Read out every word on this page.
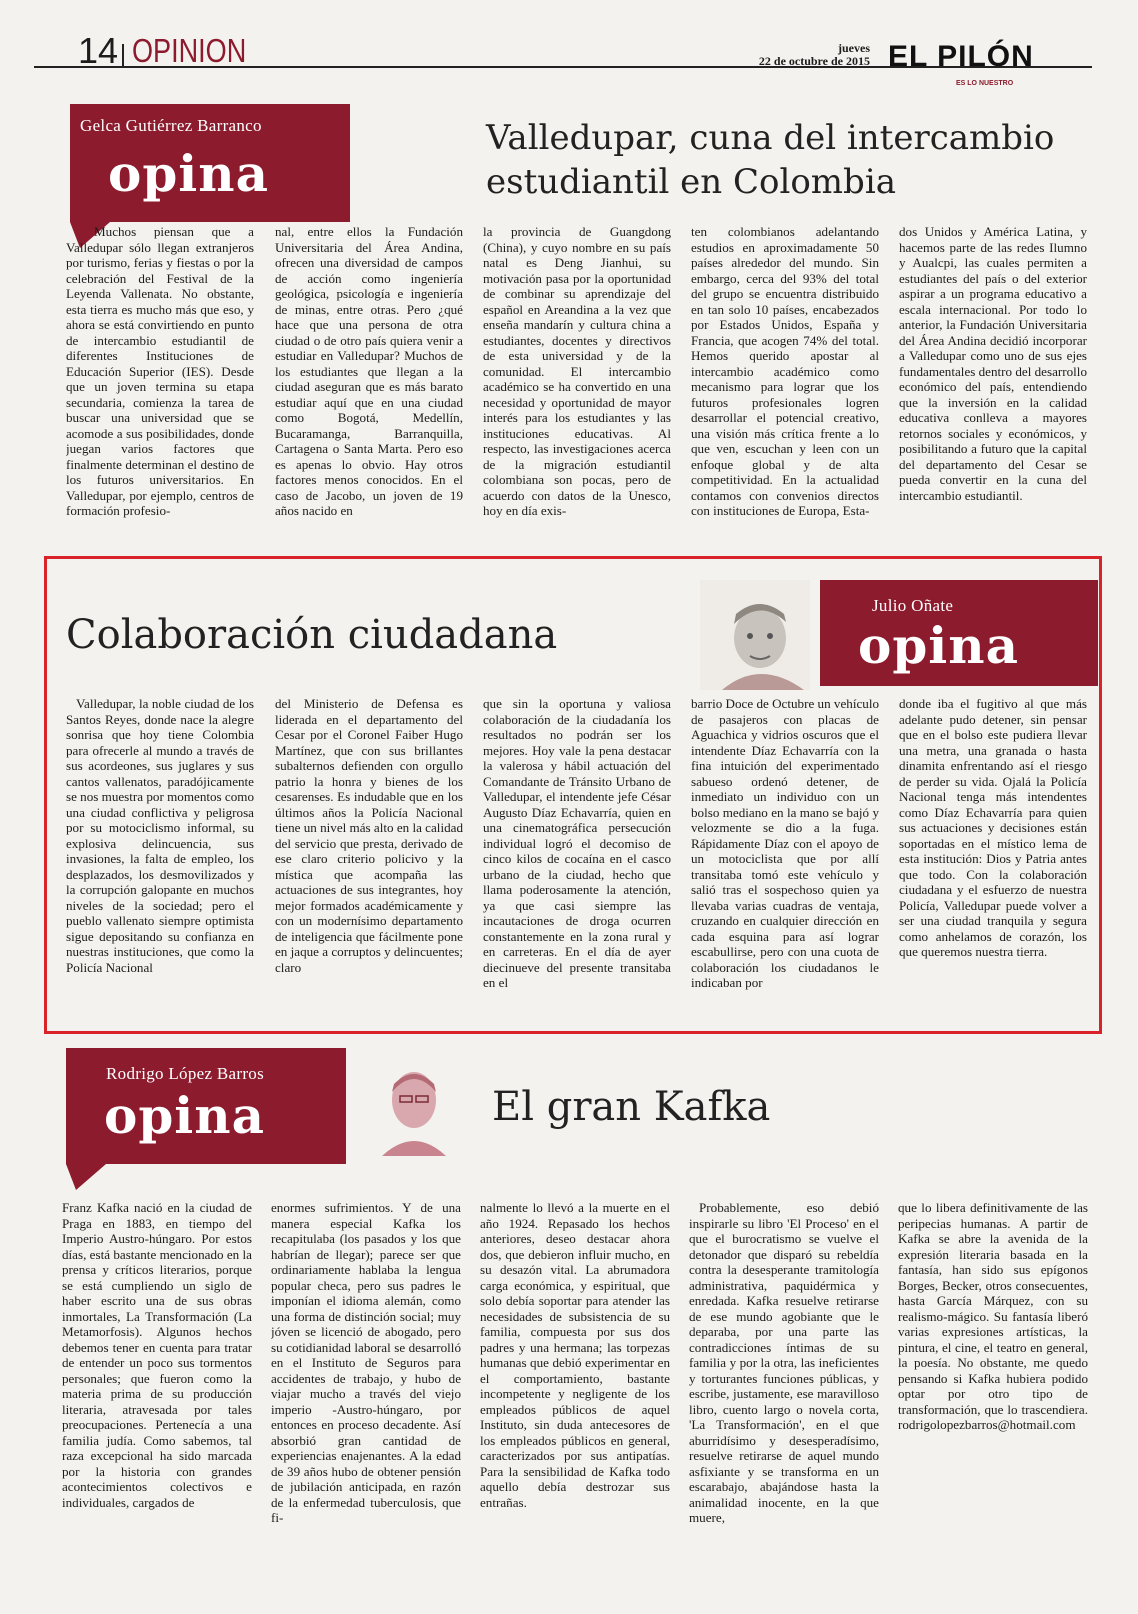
14 OPINION	jueves
22 de octubre de 2015 EL PILÓN
ES LO NUESTRO
Gelca Gutiérrez Barranco
opina
Valledupar, cuna del intercambio
estudiantil en Colombia

Muchos piensan que a Valledupar sólo llegan extranjeros por turismo, ferias y fiestas o por la celebración del Festival de la Leyenda Vallenata. No obstante, esta tierra es mucho más que eso, y ahora se está convirtiendo en punto de intercambio estudiantil de diferentes Instituciones de Educación Superior (IES). Desde que un joven termina su etapa secundaria, comienza la tarea de buscar una universidad que se acomode a sus posibilidades, donde juegan varios factores que finalmente determinan el destino de los futuros universitarios. En Valledupar, por ejemplo, centros de formación profesio-

nal, entre ellos la Fundación Universitaria del Área Andina, ofrecen una diversidad de campos de acción como ingeniería geológica, psicología e ingeniería de minas, entre otras. Pero ¿qué hace que una persona de otra ciudad o de otro país quiera venir a estudiar en Valledupar? Muchos de los estudiantes que llegan a la ciudad aseguran que es más barato estudiar aquí que en una ciudad como Bogotá, Medellín, Bucaramanga, Barranquilla, Cartagena o Santa Marta. Pero eso es apenas lo obvio. Hay otros factores menos conocidos. En el caso de Jacobo, un joven de 19 años nacido en

la provincia de Guangdong (China), y cuyo nombre en su país natal es Deng Jianhui, su motivación pasa por la oportunidad de combinar su aprendizaje del español en Areandina a la vez que enseña mandarín y cultura china a estudiantes, docentes y directivos de esta universidad y de la comunidad. El intercambio académico se ha convertido en una necesidad y oportunidad de mayor interés para los estudiantes y las instituciones educativas. Al respecto, las investigaciones acerca de la migración estudiantil colombiana son pocas, pero de acuerdo con datos de la Unesco, hoy en día exis-

ten colombianos adelantando estudios en aproximadamente 50 países alrededor del mundo. Sin embargo, cerca del 93% del total del grupo se encuentra distribuido en tan solo 10 países, encabezados por Estados Unidos, España y Francia, que acogen 74% del total. Hemos querido apostar al intercambio académico como mecanismo para lograr que los futuros profesionales logren desarrollar el potencial creativo, una visión más crítica frente a lo que ven, escuchan y leen con un enfoque global y de alta competitividad. En la actualidad contamos con convenios directos con instituciones de Europa, Esta-

dos Unidos y América Latina, y hacemos parte de las redes Ilumno y Aualcpi, las cuales permiten a estudiantes del país o del exterior aspirar a un programa educativo a escala internacional. Por todo lo anterior, la Fundación Universitaria del Área Andina decidió incorporar a Valledupar como uno de sus ejes fundamentales dentro del desarrollo económico del país, entendiendo que la inversión en la calidad educativa conlleva a mayores retornos sociales y económicos, y posibilitando a futuro que la capital del departamento del Cesar se pueda convertir en la cuna del intercambio estudiantil.

Colaboración ciudadana
Julio Oñate
opina

Valledupar, la noble ciudad de los Santos Reyes, donde nace la alegre sonrisa que hoy tiene Colombia para ofrecerle al mundo a través de sus acordeones, sus juglares y sus cantos vallenatos, paradójicamente se nos muestra por momentos como una ciudad conflictiva y peligrosa por su motociclismo informal, su explosiva delincuencia, sus invasiones, la falta de empleo, los desplazados, los desmovilizados y la corrupción galopante en muchos niveles de la sociedad; pero el pueblo vallenato siempre optimista sigue depositando su confianza en nuestras instituciones, que como la Policía Nacional

del Ministerio de Defensa es liderada en el departamento del Cesar por el Coronel Faiber Hugo Martínez, que con sus brillantes subalternos defienden con orgullo patrio la honra y bienes de los cesarenses. Es indudable que en los últimos años la Policía Nacional tiene un nivel más alto en la calidad del servicio que presta, derivado de ese claro criterio policivo y la mística que acompaña las actuaciones de sus integrantes, hoy mejor formados académicamente y con un modernísimo departamento de inteligencia que fácilmente pone en jaque a corruptos y delincuentes; claro

que sin la oportuna y valiosa colaboración de la ciudadanía los resultados no podrán ser los mejores. Hoy vale la pena destacar la valerosa y hábil actuación del Comandante de Tránsito Urbano de Valledupar, el intendente jefe César Augusto Díaz Echavarría, quien en una cinematográfica persecución individual logró el decomiso de cinco kilos de cocaína en el casco urbano de la ciudad, hecho que llama poderosamente la atención, ya que casi siempre las incautaciones de droga ocurren constantemente en la zona rural y en carreteras. En el día de ayer diecinueve del presente transitaba en el

barrio Doce de Octubre un vehículo de pasajeros con placas de Aguachica y vidrios oscuros que el intendente Díaz Echavarría con la fina intuición del experimentado sabueso ordenó detener, de inmediato un individuo con un bolso mediano en la mano se bajó y velozmente se dio a la fuga. Rápidamente Díaz con el apoyo de un motociclista que por allí transitaba tomó este vehículo y salió tras el sospechoso quien ya llevaba varias cuadras de ventaja, cruzando en cualquier dirección en cada esquina para así lograr escabullirse, pero con una cuota de colaboración los ciudadanos le indicaban por

donde iba el fugitivo al que más adelante pudo detener, sin pensar que en el bolso este pudiera llevar una metra, una granada o hasta dinamita enfrentando así el riesgo de perder su vida. Ojalá la Policía Nacional tenga más intendentes como Díaz Echavarría para quien sus actuaciones y decisiones están soportadas en el místico lema de esta institución: Dios y Patria antes que todo. Con la colaboración ciudadana y el esfuerzo de nuestra Policía, Valledupar puede volver a ser una ciudad tranquila y segura como anhelamos de corazón, los que queremos nuestra tierra.

Rodrigo López Barros
opina	El gran Kafka

Franz Kafka nació en la ciudad de Praga en 1883, en tiempo del Imperio Austro-húngaro. Por estos días, está bastante mencionado en la prensa y críticos literarios, porque se está cumpliendo un siglo de haber escrito una de sus obras inmortales, La Transformación (La Metamorfosis). Algunos hechos debemos tener en cuenta para tratar de entender un poco sus tormentos personales; que fueron como la materia prima de su producción literaria, atravesada por tales preocupaciones. Pertenecía a una familia judía. Como sabemos, tal raza excepcional ha sido marcada por la historia con grandes acontecimientos colectivos e individuales, cargados de

enormes sufrimientos. Y de una manera especial Kafka los recapitulaba (los pasados y los que habrían de llegar); parece ser que ordinariamente hablaba la lengua popular checa, pero sus padres le imponían el idioma alemán, como una forma de distinción social; muy jóven se licenció de abogado, pero su cotidianidad laboral se desarrolló en el Instituto de Seguros para accidentes de trabajo, y hubo de viajar mucho a través del viejo imperio -Austro-húngaro, por entonces en proceso decadente. Así absorbió gran cantidad de experiencias enajenantes. A la edad de 39 años hubo de obtener pensión de jubilación anticipada, en razón de la enfermedad tuberculosis, que fi-

nalmente lo llevó a la muerte en el año 1924. Repasado los hechos anteriores, deseo destacar ahora dos, que debieron influir mucho, en su desazón vital. La abrumadora carga económica, y espiritual, que solo debía soportar para atender las necesidades de subsistencia de su familia, compuesta por sus dos padres y una hermana; las torpezas humanas que debió experimentar en el comportamiento, bastante incompetente y negligente de los empleados públicos de aquel Instituto, sin duda antecesores de los empleados públicos en general, caracterizados por sus antipatías. Para la sensibilidad de Kafka todo aquello debía destrozar sus entrañas.

Probablemente, eso debió inspirarle su libro 'El Proceso' en el que el burocratismo se vuelve el detonador que disparó su rebeldía contra la desesperante tramitología administrativa, paquidérmica y enredada. Kafka resuelve retirarse de ese mundo agobiante que le deparaba, por una parte las contradicciones íntimas de su familia y por la otra, las ineficientes y torturantes funciones públicas, y escribe, justamente, ese maravilloso libro, cuento largo o novela corta, 'La Transformación', en el que aburridísimo y desesperadísimo, resuelve retirarse de aquel mundo asfixiante y se transforma en un escarabajo, abajándose hasta la animalidad inocente, en la que muere,

que lo libera definitivamente de las peripecias humanas. A partir de Kafka se abre la avenida de la expresión literaria basada en la fantasía, han sido sus epígonos Borges, Becker, otros consecuentes, hasta García Márquez, con su realismo-mágico. Su fantasía liberó varias expresiones artísticas, la pintura, el cine, el teatro en general, la poesía. No obstante, me quedo pensando si Kafka hubiera podido optar por otro tipo de transformación, que lo trascendiera. rodrigolopezbarros@hotmail.com
